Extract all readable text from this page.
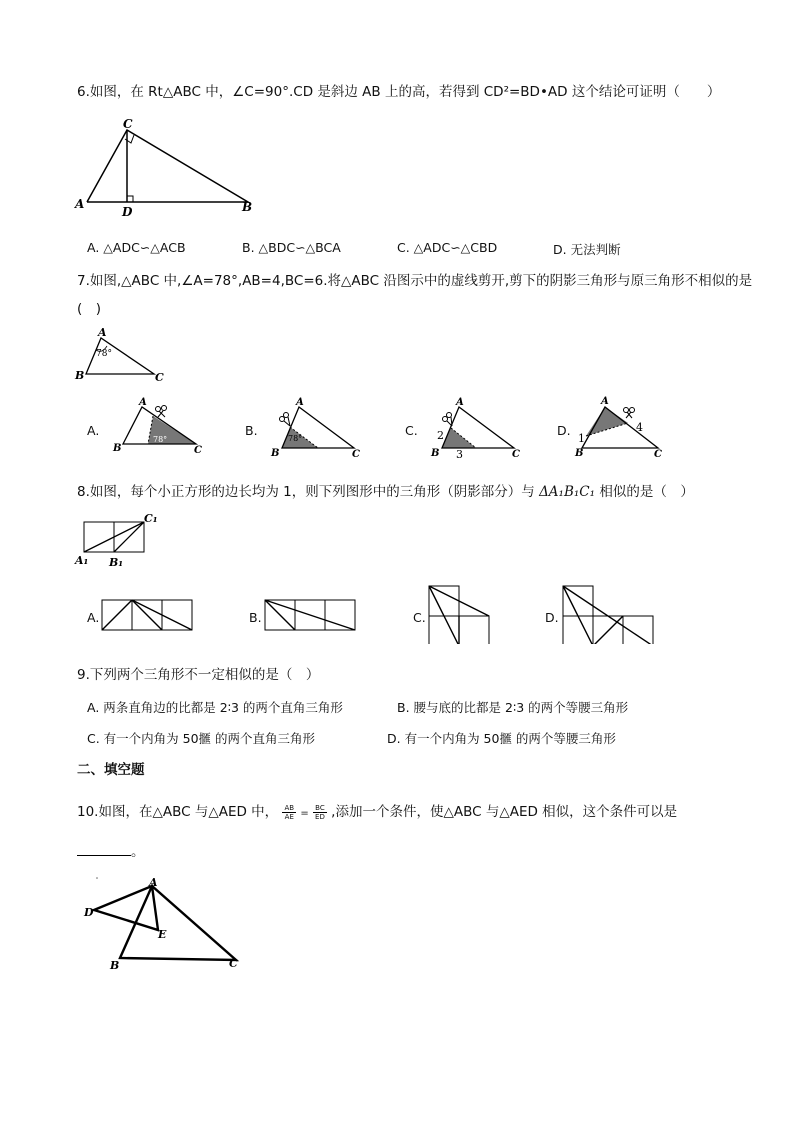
6.如图，在 Rt△ABC 中，∠C=90°.CD 是斜边 AB 上的高，若得到 CD²=BD•AD 这个结论可证明（　　）
C
A
D	B
A. △ADC∽△ACB	B. △BDC∽△BCA	C. △ADC∽△CBD	D. 无法判断
7.如图,△ABC 中,∠A=78°,AB=4,BC=6.将△ABC 沿图示中的虚线剪开,剪下的阴影三角形与原三角形不相似的是
(　)
A
B	C
78°
A.
A
B	C
78°
B.
A
B	C
78°
C.
A
B	C
2
3
D.
A
B	C
1
4
8.如图，每个小正方形的边长均为 1，则下列图形中的三角形（阴影部分）与 ΔA₁B₁C₁ 相似的是（　）
C₁
A₁ B₁
A.	B.	C.	D.
9.下列两个三角形不一定相似的是（　）
A. 两条直角边的比都是 2∶3 的两个直角三角形	B. 腰与底的比都是 2∶3 的两个等腰三角形
C. 有一个内角为 50擓 的两个直角三角形	D. 有一个内角为 50擓 的两个等腰三角形
二、填空题
10.如图，在△ABC 与△AED 中， $\frac{AB}{AE} = \frac{BC}{ED}$ ,添加一个条件，使△ABC 与△AED 相似，这个条件可以是
。
A
D
E
B	C
